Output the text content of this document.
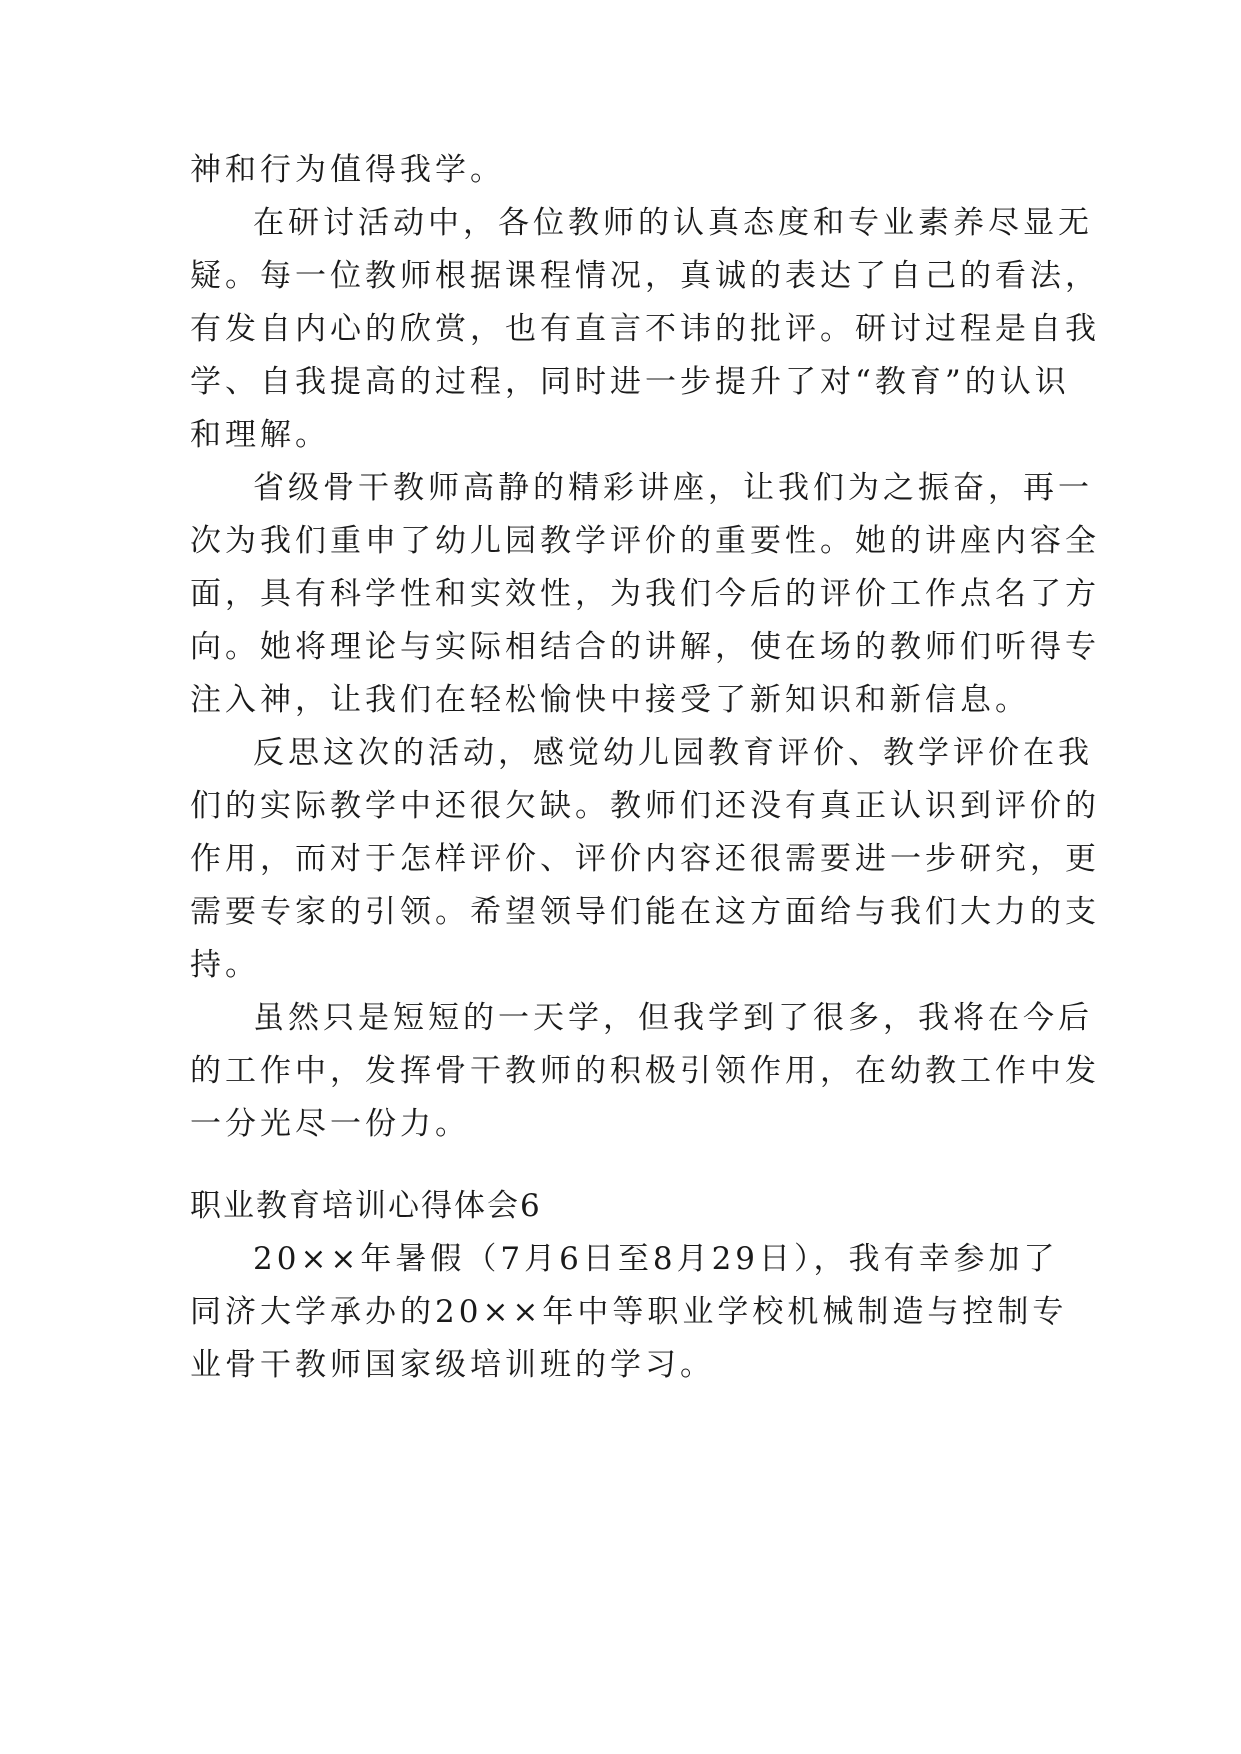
神和行为值得我学。
在研讨活动中，各位教师的认真态度和专业素养尽显无
疑。每一位教师根据课程情况，真诚的表达了自己的看法，
有发自内心的欣赏，也有直言不讳的批评。研讨过程是自我
学、自我提高的过程，同时进一步提升了对“教育”的认识
和理解。
省级骨干教师高静的精彩讲座，让我们为之振奋，再一
次为我们重申了幼儿园教学评价的重要性。她的讲座内容全
面，具有科学性和实效性，为我们今后的评价工作点名了方
向。她将理论与实际相结合的讲解，使在场的教师们听得专
注入神，让我们在轻松愉快中接受了新知识和新信息。
反思这次的活动，感觉幼儿园教育评价、教学评价在我
们的实际教学中还很欠缺。教师们还没有真正认识到评价的
作用，而对于怎样评价、评价内容还很需要进一步研究，更
需要专家的引领。希望领导们能在这方面给与我们大力的支
持。
虽然只是短短的一天学，但我学到了很多，我将在今后
的工作中，发挥骨干教师的积极引领作用，在幼教工作中发
一分光尽一份力。
职业教育培训心得体会6
20××年暑假（7月6日至8月29日），我有幸参加了
同济大学承办的20××年中等职业学校机械制造与控制专
业骨干教师国家级培训班的学习。
